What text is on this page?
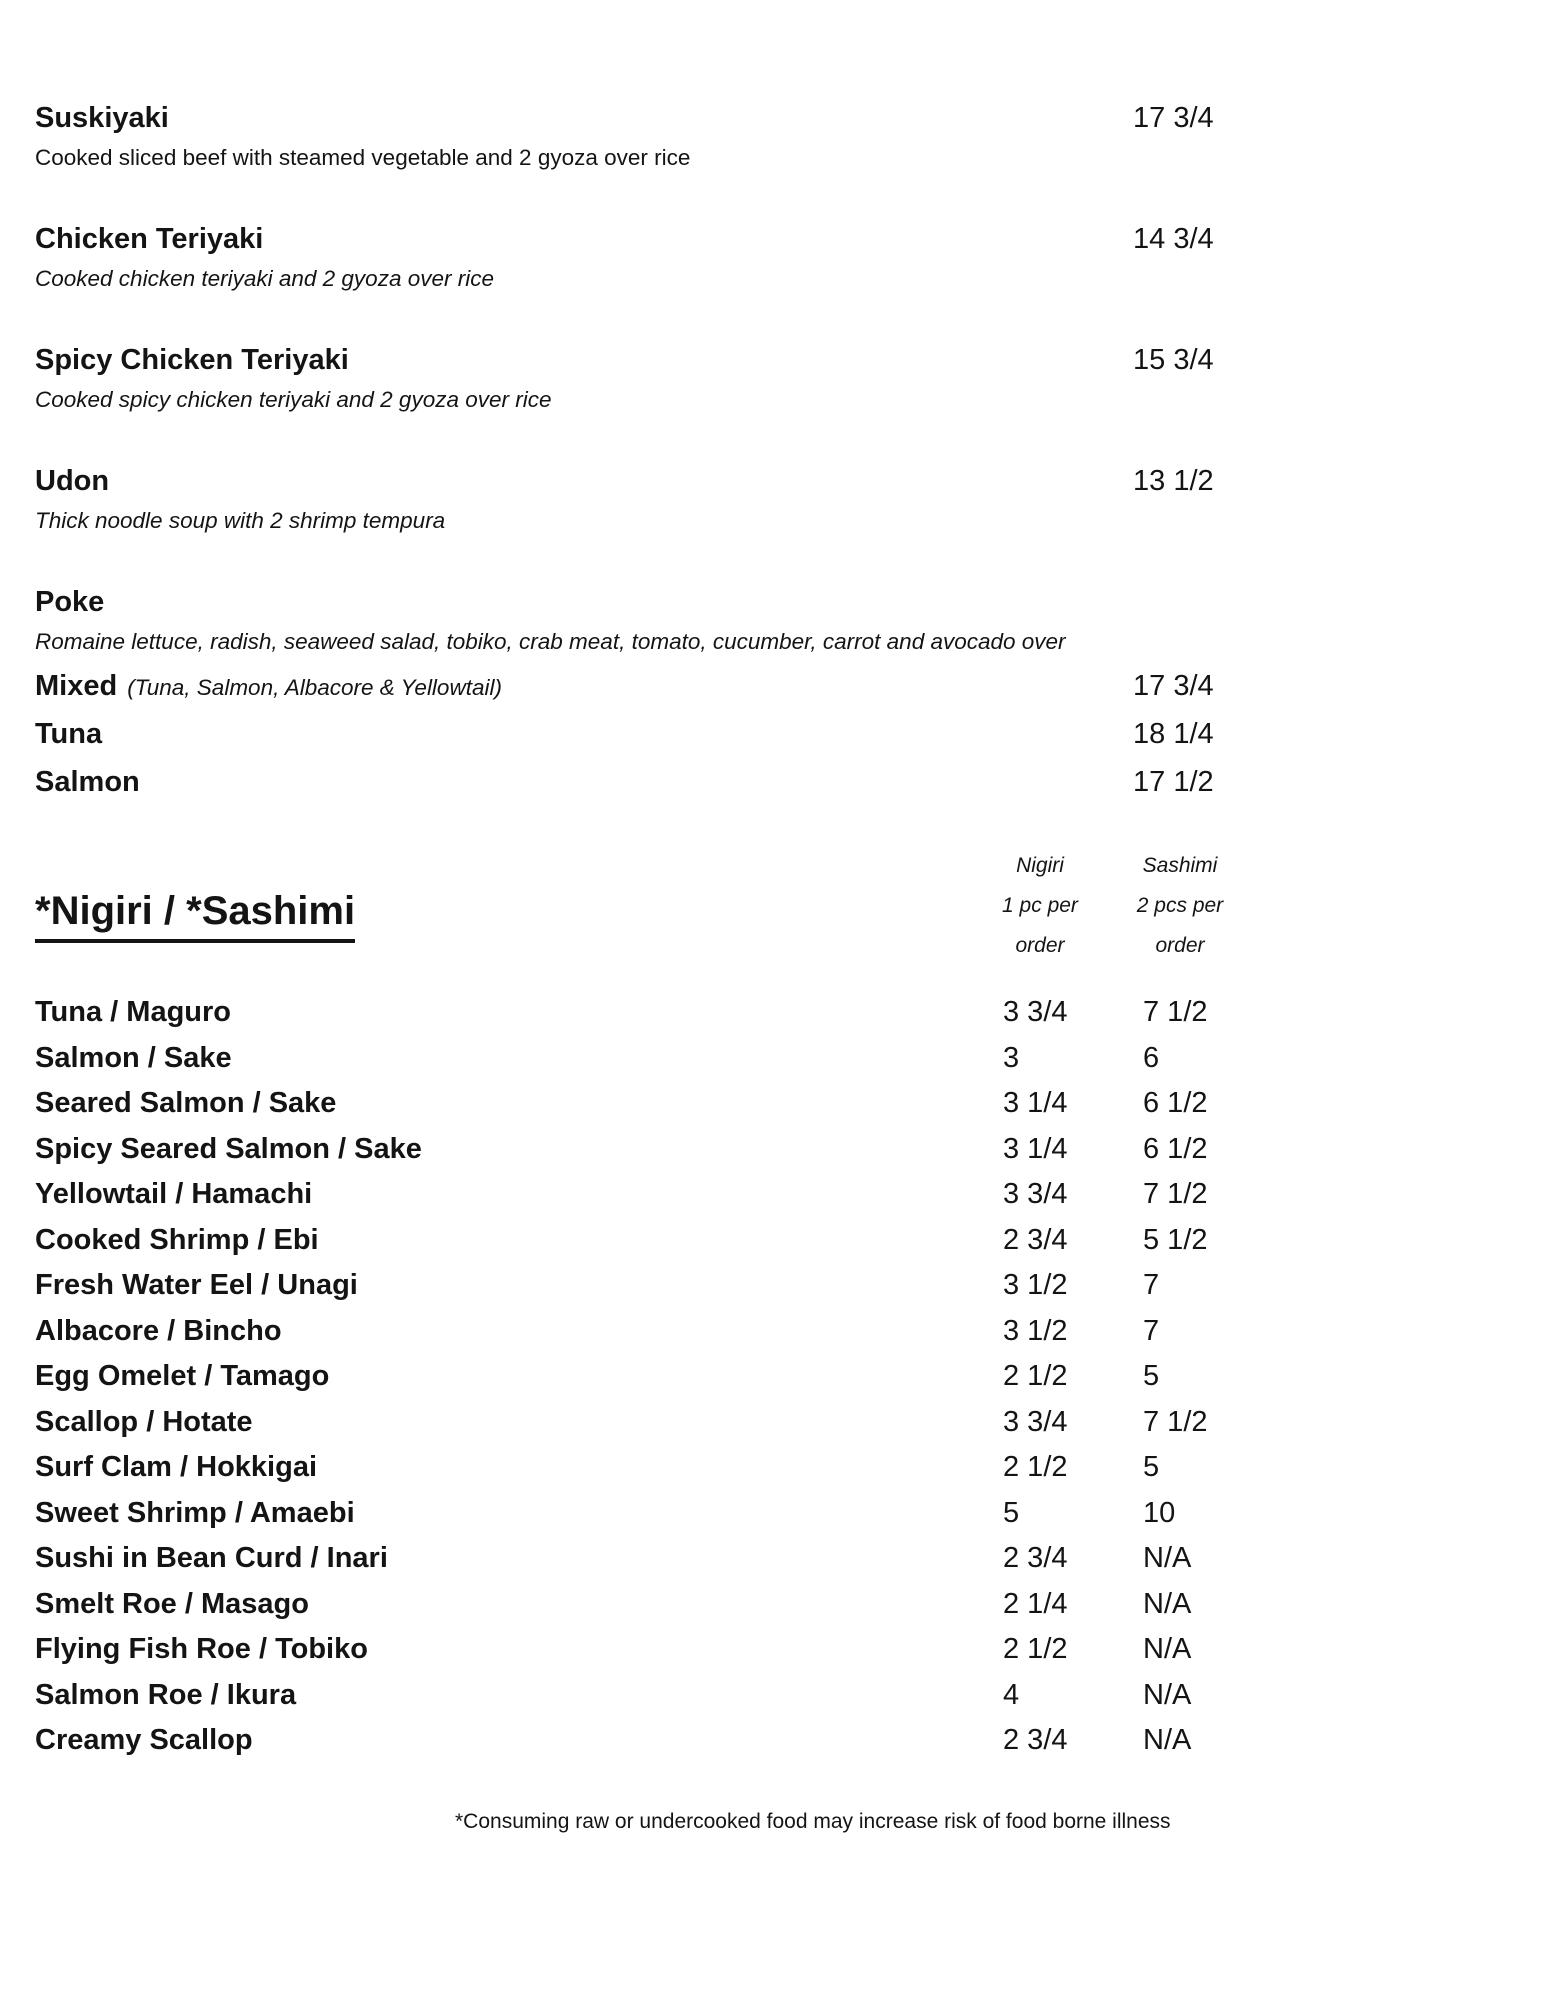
Suskiyaki	17 3/4
Cooked sliced beef with steamed vegetable and 2 gyoza over rice
Chicken Teriyaki	14 3/4
Cooked chicken teriyaki and 2 gyoza over rice
Spicy Chicken Teriyaki	15 3/4
Cooked spicy chicken teriyaki and 2 gyoza over rice
Udon	13 1/2
Thick noodle soup with 2 shrimp tempura
Poke
Romaine lettuce, radish, seaweed salad, tobiko, crab meat, tomato, cucumber, carrot and avocado over
Mixed (Tuna, Salmon, Albacore & Yellowtail)	17 3/4
Tuna	18 1/4
Salmon	17 1/2
*Nigiri / *Sashimi
Nigiri
1 pc per
order
Sashimi
2 pcs per
order
Tuna / Maguro	3 3/4	7 1/2
Salmon / Sake	3	6
Seared Salmon / Sake	3 1/4	6 1/2
Spicy Seared Salmon / Sake	3 1/4	6 1/2
Yellowtail / Hamachi	3 3/4	7 1/2
Cooked Shrimp / Ebi	2 3/4	5 1/2
Fresh Water Eel / Unagi	3 1/2	7
Albacore / Bincho	3 1/2	7
Egg Omelet / Tamago	2 1/2	5
Scallop / Hotate	3 3/4	7 1/2
Surf Clam / Hokkigai	2 1/2	5
Sweet Shrimp / Amaebi	5	10
Sushi in Bean Curd / Inari	2 3/4	N/A
Smelt Roe / Masago	2 1/4	N/A
Flying Fish Roe / Tobiko	2 1/2	N/A
Salmon Roe / Ikura	4	N/A
Creamy Scallop	2 3/4	N/A
*Consuming raw or undercooked food may increase risk of food borne illness
